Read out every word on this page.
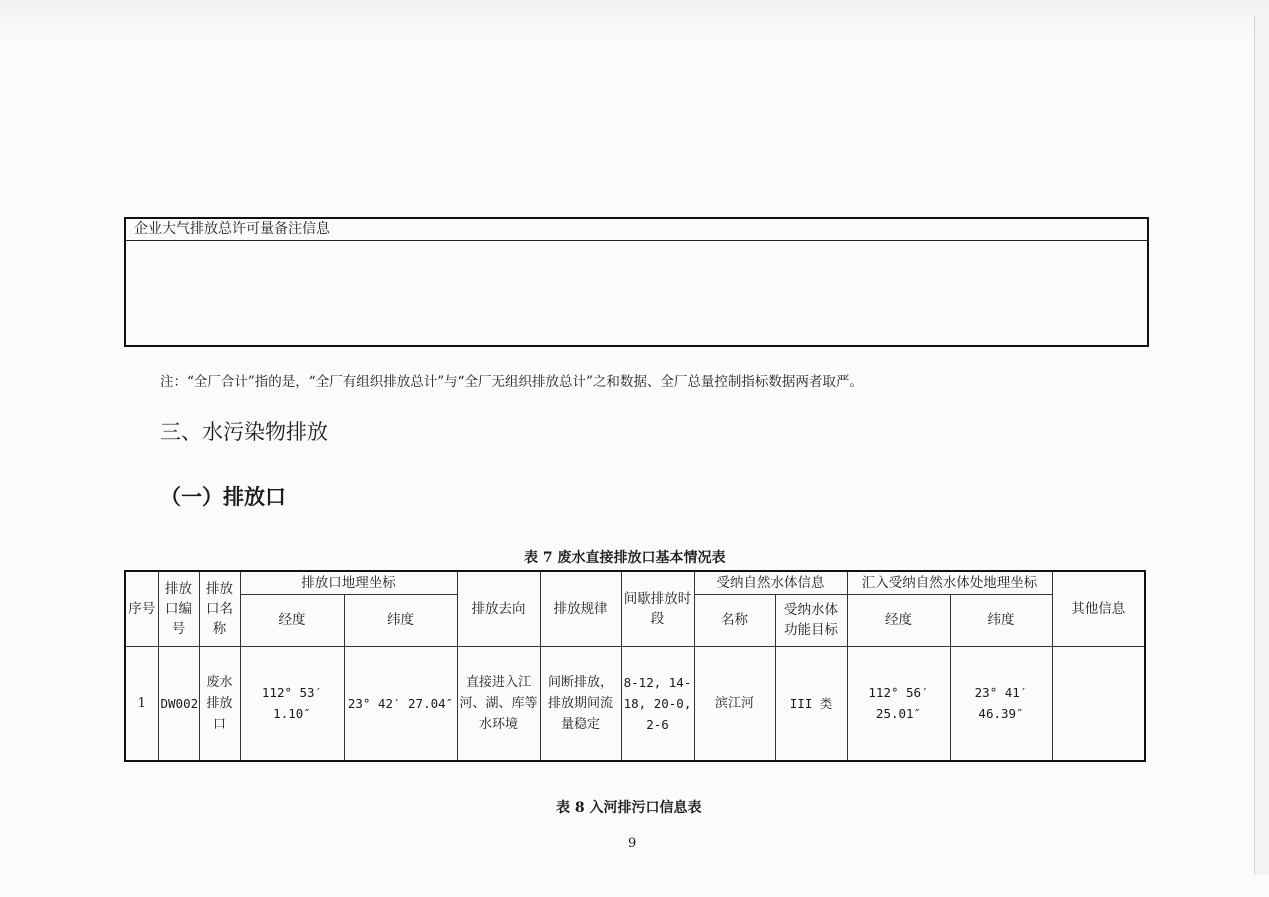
企业大气排放总许可量备注信息
注：“全厂合计”指的是，“全厂有组织排放总计”与“全厂无组织排放总计”之和数据、全厂总量控制指标数据两者取严。
三、水污染物排放
（一）排放口
表 7 废水直接排放口基本情况表
序号	排放口编号	排放口名称	排放口地理坐标		排放去向	排放规律	间歇排放时段	受纳自然水体信息		汇入受纳自然水体处地理坐标		其他信息
			经度	纬度				名称	受纳水体功能目标	经度	纬度	
1	DW002	废水排放口	112° 53′ 1.10″	23° 42′ 27.04″	直接进入江河、湖、库等水环境	间断排放，排放期间流量稳定	8-12, 14-18, 20-0, 2-6	滨江河	III 类	112° 56′ 25.01″	23° 41′ 46.39″	
表 8 入河排污口信息表
9
